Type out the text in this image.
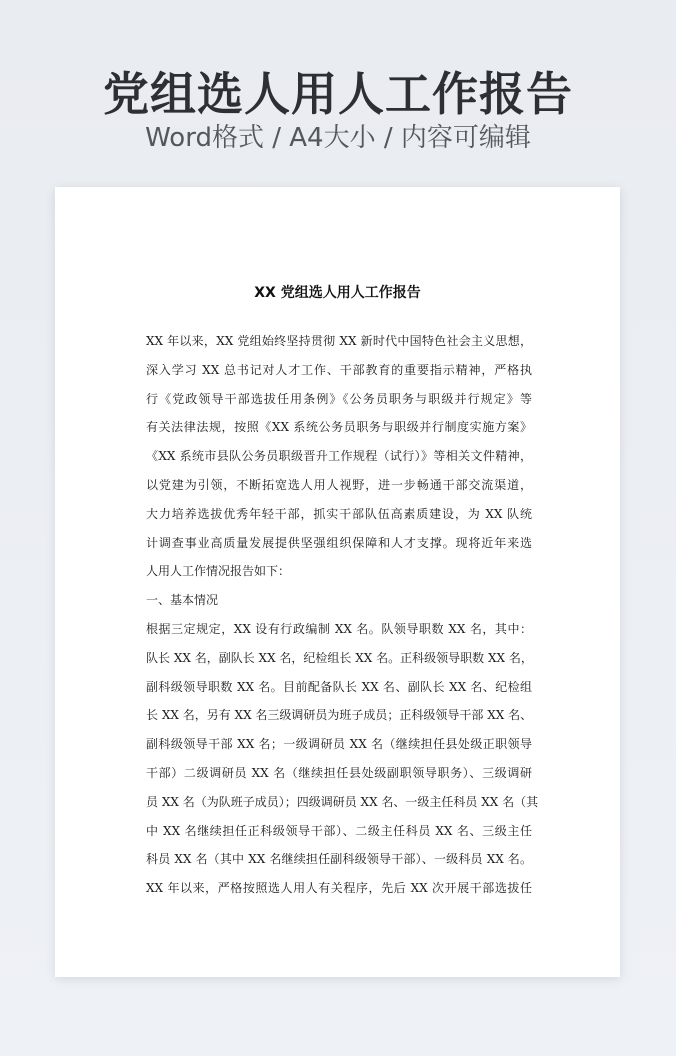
党组选人用人工作报告
Word格式 / A4大小 / 内容可编辑
XX 党组选人用人工作报告
XX 年以来，XX 党组始终坚持贯彻 XX 新时代中国特色社会主义思想，
深入学习 XX 总书记对人才工作、干部教育的重要指示精神，严格执
行《党政领导干部选拔任用条例》《公务员职务与职级并行规定》等
有关法律法规，按照《XX 系统公务员职务与职级并行制度实施方案》
《XX 系统市县队公务员职级晋升工作规程（试行）》等相关文件精神，
以党建为引领，不断拓宽选人用人视野，进一步畅通干部交流渠道，
大力培养选拔优秀年轻干部，抓实干部队伍高素质建设，为 XX 队统
计调查事业高质量发展提供坚强组织保障和人才支撑。现将近年来选
人用人工作情况报告如下：
一、基本情况
根据三定规定，XX 设有行政编制 XX 名。队领导职数 XX 名，其中：
队长 XX 名，副队长 XX 名，纪检组长 XX 名。正科级领导职数 XX 名，
副科级领导职数 XX 名。目前配备队长 XX 名、副队长 XX 名、纪检组
长 XX 名，另有 XX 名三级调研员为班子成员；正科级领导干部 XX 名、
副科级领导干部 XX 名；一级调研员 XX 名（继续担任县处级正职领导
干部）二级调研员 XX 名（继续担任县处级副职领导职务）、三级调研
员 XX 名（为队班子成员）；四级调研员 XX 名、一级主任科员 XX 名（其
中 XX 名继续担任正科级领导干部）、二级主任科员 XX 名、三级主任
科员 XX 名（其中 XX 名继续担任副科级领导干部）、一级科员 XX 名。
XX 年以来，严格按照选人用人有关程序，先后 XX 次开展干部选拔任
